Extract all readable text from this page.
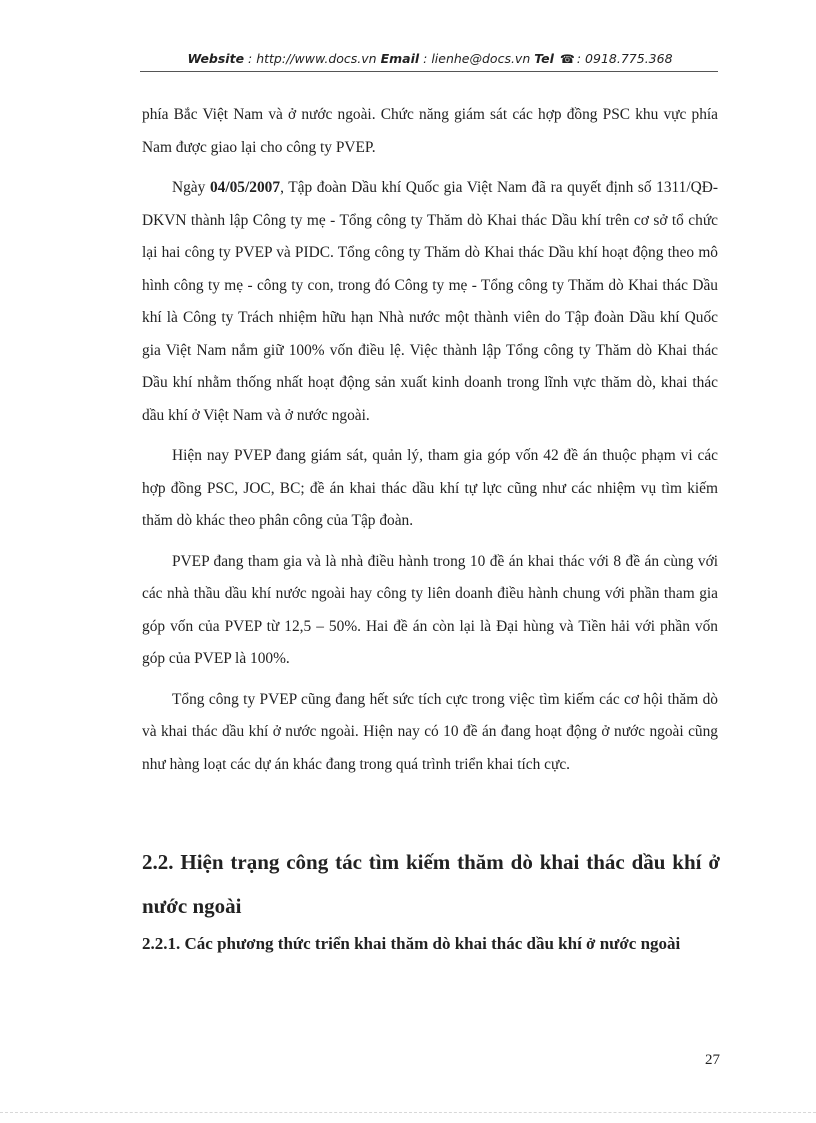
Website : http://www.docs.vn Email : lienhe@docs.vn Tel ☎ : 0918.775.368

phía Bắc Việt Nam và ở nước ngoài. Chức năng giám sát các hợp đồng PSC khu vực phía Nam được giao lại cho công ty PVEP.

Ngày 04/05/2007, Tập đoàn Dầu khí Quốc gia Việt Nam đã ra quyết định số 1311/QĐ-DKVN thành lập Công ty mẹ - Tổng công ty Thăm dò Khai thác Dầu khí trên cơ sở tổ chức lại hai công ty PVEP và PIDC. Tổng công ty Thăm dò Khai thác Dầu khí hoạt động theo mô hình công ty mẹ - công ty con, trong đó Công ty mẹ - Tổng công ty Thăm dò Khai thác Dầu khí là Công ty Trách nhiệm hữu hạn Nhà nước một thành viên do Tập đoàn Dầu khí Quốc gia Việt Nam nắm giữ 100% vốn điều lệ. Việc thành lập Tổng công ty Thăm dò Khai thác Dầu khí nhằm thống nhất hoạt động sản xuất kinh doanh trong lĩnh vực thăm dò, khai thác dầu khí ở Việt Nam và ở nước ngoài.

Hiện nay PVEP đang giám sát, quản lý, tham gia góp vốn 42 đề án thuộc phạm vi các hợp đồng PSC, JOC, BC; đề án khai thác dầu khí tự lực cũng như các nhiệm vụ tìm kiếm thăm dò khác theo phân công của Tập đoàn.

PVEP đang tham gia và là nhà điều hành trong 10 đề án khai thác với 8 đề án cùng với các nhà thầu dầu khí nước ngoài hay công ty liên doanh điều hành chung với phần tham gia góp vốn của PVEP từ 12,5 – 50%. Hai đề án còn lại là Đại hùng và Tiền hải với phần vốn góp của PVEP là 100%.

Tổng công ty PVEP cũng đang hết sức tích cực trong việc tìm kiếm các cơ hội thăm dò và khai thác dầu khí ở nước ngoài. Hiện nay có 10 đề án đang hoạt động ở nước ngoài cũng như hàng loạt các dự án khác đang trong quá trình triển khai tích cực.

2.2. Hiện trạng công tác tìm kiếm thăm dò khai thác dầu khí ở nước ngoài
2.2.1. Các phương thức triển khai thăm dò khai thác dầu khí ở nước ngoài
27
